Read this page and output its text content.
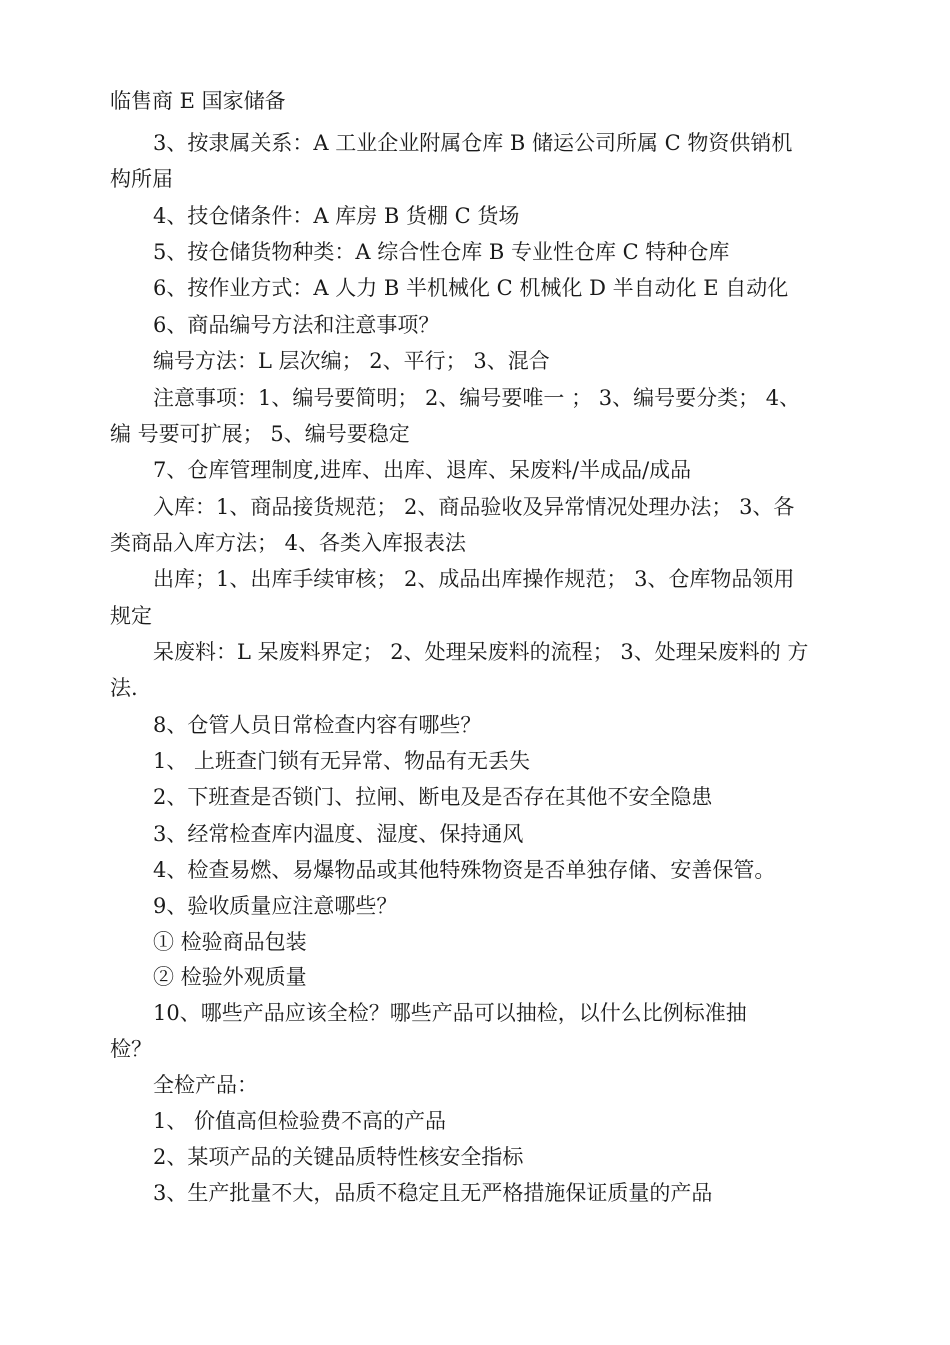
临售商 E 国家储备
3、按隶属关系：A 工业企业附属仓库 B 储运公司所属 C 物资供销机
构所届
4、技仓储条件：A 库房 B 货棚 C 货场
5、按仓储货物种类：A 综合性仓库 B 专业性仓库 C 特种仓库
6、按作业方式：A 人力 B 半机械化 C 机械化 D 半自动化 E 自动化
6、商品编号方法和注意事项？
编号方法：L 层次编； 2、平行； 3、混合
注意事项：1、编号要简明； 2、编号要唯一 ； 3、编号要分类； 4、
编 号要可扩展； 5、编号要稳定
7、仓库管理制度,进库、出库、退库、呆废料/半成品/成品
入库：1、商品接货规范； 2、商品验收及异常情况处理办法； 3、各
类商品入库方法； 4、各类入库报表法
出库；1、出库手续审核； 2、成品出库操作规范； 3、仓库物品领用
规定
呆废料：L 呆废料界定； 2、处理呆废料的流程； 3、处理呆废料的 方
法.
8、仓管人员日常检查内容有哪些？
1、 上班查门锁有无异常、物品有无丢失
2、下班查是否锁门、拉闸、断电及是否存在其他不安全隐患
3、经常检查库内温度、湿度、保持通风
4、检查易燃、易爆物品或其他特殊物资是否单独存储、安善保管。
9、验收质量应注意哪些？
① 检验商品包装
② 检验外观质量
10、哪些产品应该全检？哪些产品可以抽检，以什么比例标准抽
检？
全检产品：
1、 价值高但检验费不高的产品
2、某项产品的关键品质特性核安全指标
3、生产批量不大，品质不稳定且无严格措施保证质量的产品
